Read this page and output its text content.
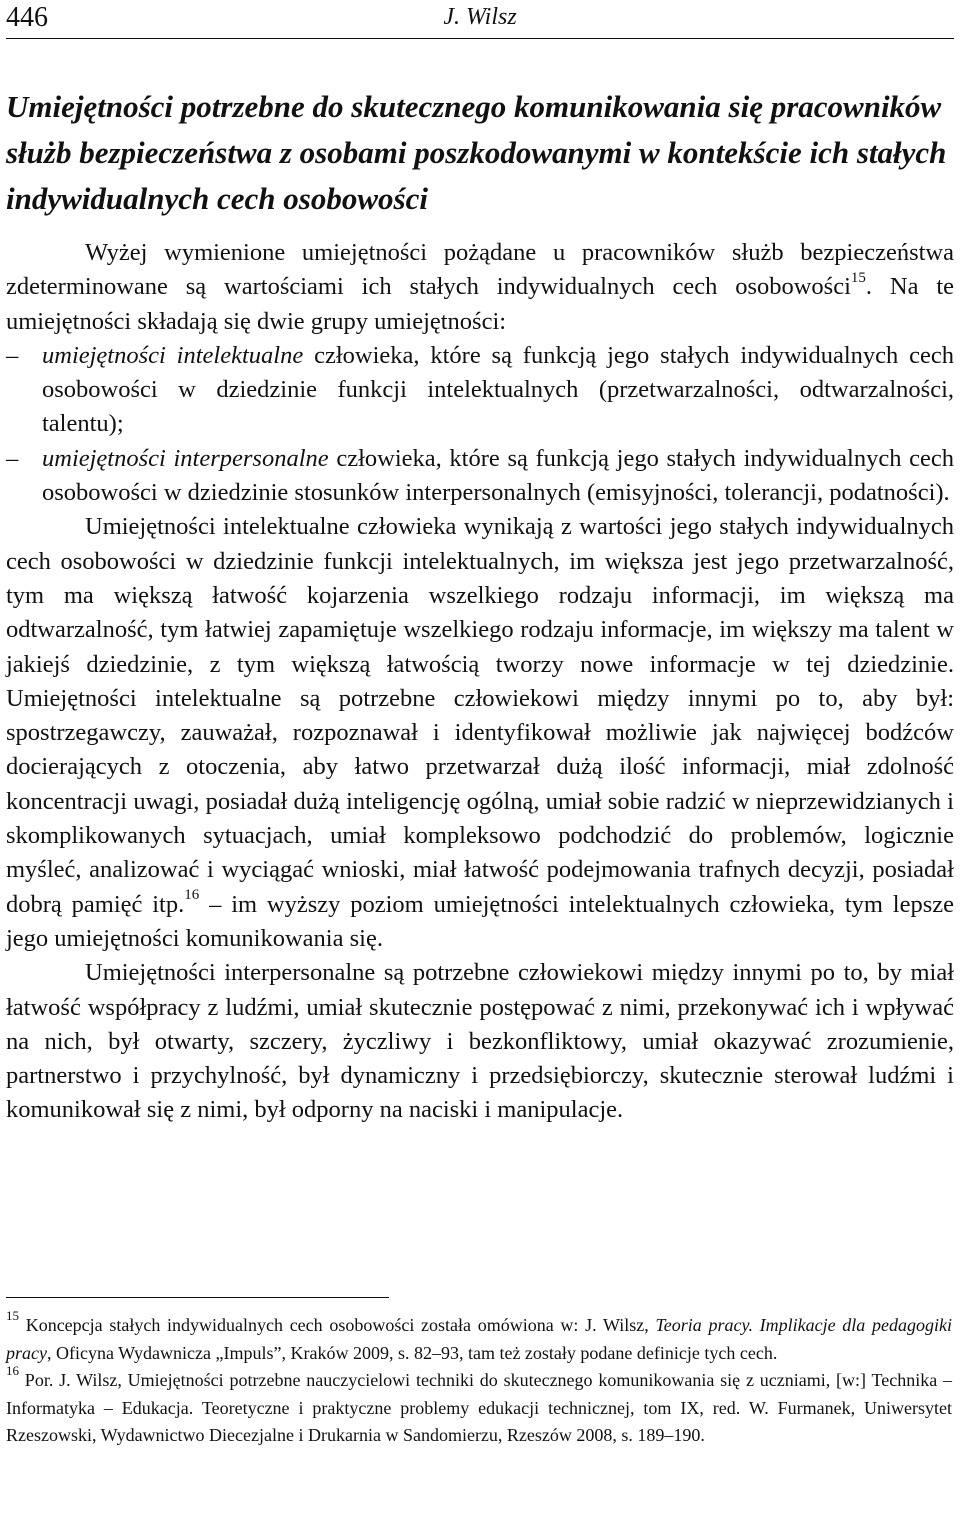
446	J. Wilsz
Umiejętności potrzebne do skutecznego komunikowania się pracowników służb bezpieczeństwa z osobami poszkodowanymi w kontekście ich stałych indywidualnych cech osobowości

Wyżej wymienione umiejętności pożądane u pracowników służb bezpieczeństwa zdeterminowane są wartościami ich stałych indywidualnych cech osobowości$^{15}$. Na te umiejętności składają się dwie grupy umiejętności:

– umiejętności intelektualne człowieka, które są funkcją jego stałych indywidualnych cech osobowości w dziedzinie funkcji intelektualnych (przetwarzalności, odtwarzalności, talentu);

– umiejętności interpersonalne człowieka, które są funkcją jego stałych indywidualnych cech osobowości w dziedzinie stosunków interpersonalnych (emisyjności, tolerancji, podatności).

Umiejętności intelektualne człowieka wynikają z wartości jego stałych indywidualnych cech osobowości w dziedzinie funkcji intelektualnych, im większa jest jego przetwarzalność, tym ma większą łatwość kojarzenia wszelkiego rodzaju informacji, im większą ma odtwarzalność, tym łatwiej zapamiętuje wszelkiego rodzaju informacje, im większy ma talent w jakiejś dziedzinie, z tym większą łatwością tworzy nowe informacje w tej dziedzinie. Umiejętności intelektualne są potrzebne człowiekowi między innymi po to, aby był: spostrzegawczy, zauważał, rozpoznawał i identyfikował możliwie jak najwięcej bodźców docierających z otoczenia, aby łatwo przetwarzał dużą ilość informacji, miał zdolność koncentracji uwagi, posiadał dużą inteligencję ogólną, umiał sobie radzić w nieprzewidzianych i skomplikowanych sytuacjach, umiał kompleksowo podchodzić do problemów, logicznie myśleć, analizować i wyciągać wnioski, miał łatwość podejmowania trafnych decyzji, posiadał dobrą pamięć itp.$^{16}$ – im wyższy poziom umiejętności intelektualnych człowieka, tym lepsze jego umiejętności komunikowania się.

Umiejętności interpersonalne są potrzebne człowiekowi między innymi po to, by miał łatwość współpracy z ludźmi, umiał skutecznie postępować z nimi, przekonywać ich i wpływać na nich, był otwarty, szczery, życzliwy i bezkonfliktowy, umiał okazywać zrozumienie, partnerstwo i przychylność, był dynamiczny i przedsiębiorczy, skutecznie sterował ludźmi i komunikował się z nimi, był odporny na naciski i manipulacje.

$^{15}$ Koncepcja stałych indywidualnych cech osobowości została omówiona w: J. Wilsz, Teoria pracy. Implikacje dla pedagogiki pracy, Oficyna Wydawnicza „Impuls”, Kraków 2009, s. 82–93, tam też zostały podane definicje tych cech.

$^{16}$ Por. J. Wilsz, Umiejętności potrzebne nauczycielowi techniki do skutecznego komunikowania się z uczniami, [w:] Technika – Informatyka – Edukacja. Teoretyczne i praktyczne problemy edukacji technicznej, tom IX, red. W. Furmanek, Uniwersytet Rzeszowski, Wydawnictwo Diecezjalne i Drukarnia w Sandomierzu, Rzeszów 2008, s. 189–190.
